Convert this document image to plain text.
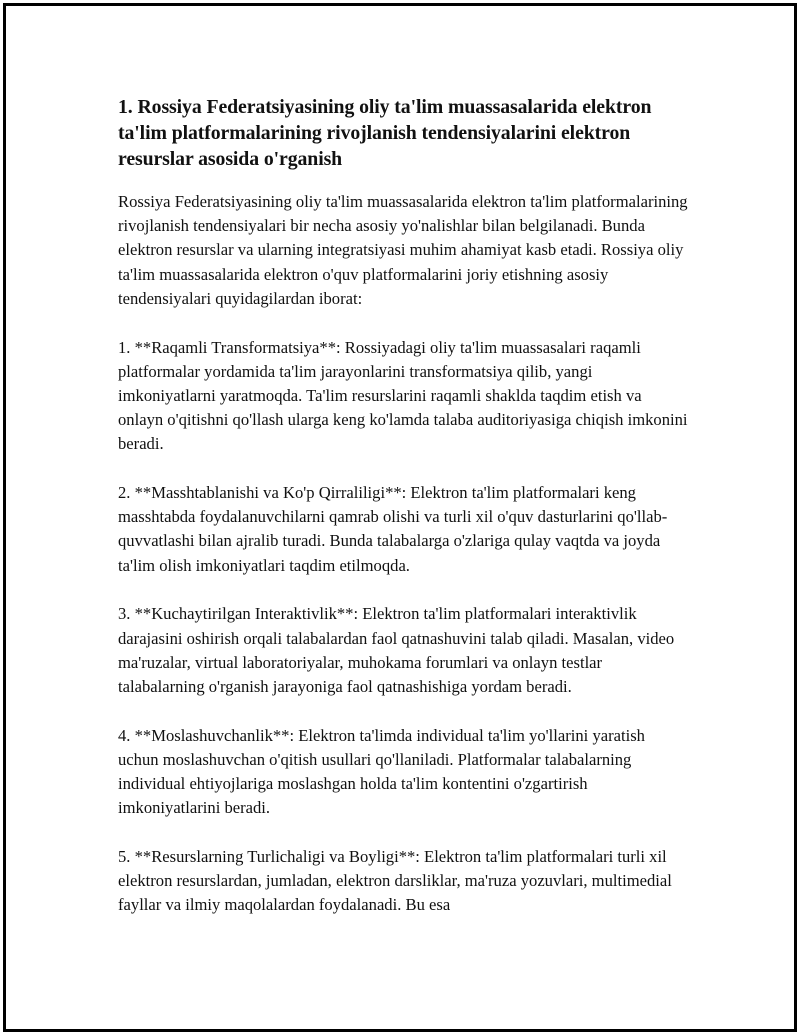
1. Rossiya Federatsiyasining oliy ta'lim muassasalarida elektron ta'lim platformalarining rivojlanish tendensiyalarini elektron resurslar asosida o'rganish

Rossiya Federatsiyasining oliy ta'lim muassasalarida elektron ta'lim platformalarining rivojlanish tendensiyalari bir necha asosiy yo'nalishlar bilan belgilanadi. Bunda elektron resurslar va ularning integratsiyasi muhim ahamiyat kasb etadi. Rossiya oliy ta'lim muassasalarida elektron o'quv platformalarini joriy etishning asosiy tendensiyalari quyidagilardan iborat:

1. **Raqamli Transformatsiya**: Rossiyadagi oliy ta'lim muassasalari raqamli platformalar yordamida ta'lim jarayonlarini transformatsiya qilib, yangi imkoniyatlarni yaratmoqda. Ta'lim resurslarini raqamli shaklda taqdim etish va onlayn o'qitishni qo'llash ularga keng ko'lamda talaba auditoriyasiga chiqish imkonini beradi.

2. **Masshtablanishi va Ko'p Qirraliligi**: Elektron ta'lim platformalari keng masshtabda foydalanuvchilarni qamrab olishi va turli xil o'quv dasturlarini qo'llab-quvvatlashi bilan ajralib turadi. Bunda talabalarga o'zlariga qulay vaqtda va joyda ta'lim olish imkoniyatlari taqdim etilmoqda.

3. **Kuchaytirilgan Interaktivlik**: Elektron ta'lim platformalari interaktivlik darajasini oshirish orqali talabalardan faol qatnashuvini talab qiladi. Masalan, video ma'ruzalar, virtual laboratoriyalar, muhokama forumlari va onlayn testlar talabalarning o'rganish jarayoniga faol qatnashishiga yordam beradi.

4. **Moslashuvchanlik**: Elektron ta'limda individual ta'lim yo'llarini yaratish uchun moslashuvchan o'qitish usullari qo'llaniladi. Platformalar talabalarning individual ehtiyojlariga moslashgan holda ta'lim kontentini o'zgartirish imkoniyatlarini beradi.

5. **Resurslarning Turlichaligi va Boyligi**: Elektron ta'lim platformalari turli xil elektron resurslardan, jumladan, elektron darsliklar, ma'ruza yozuvlari, multimedial fayllar va ilmiy maqolalardan foydalanadi. Bu esa
